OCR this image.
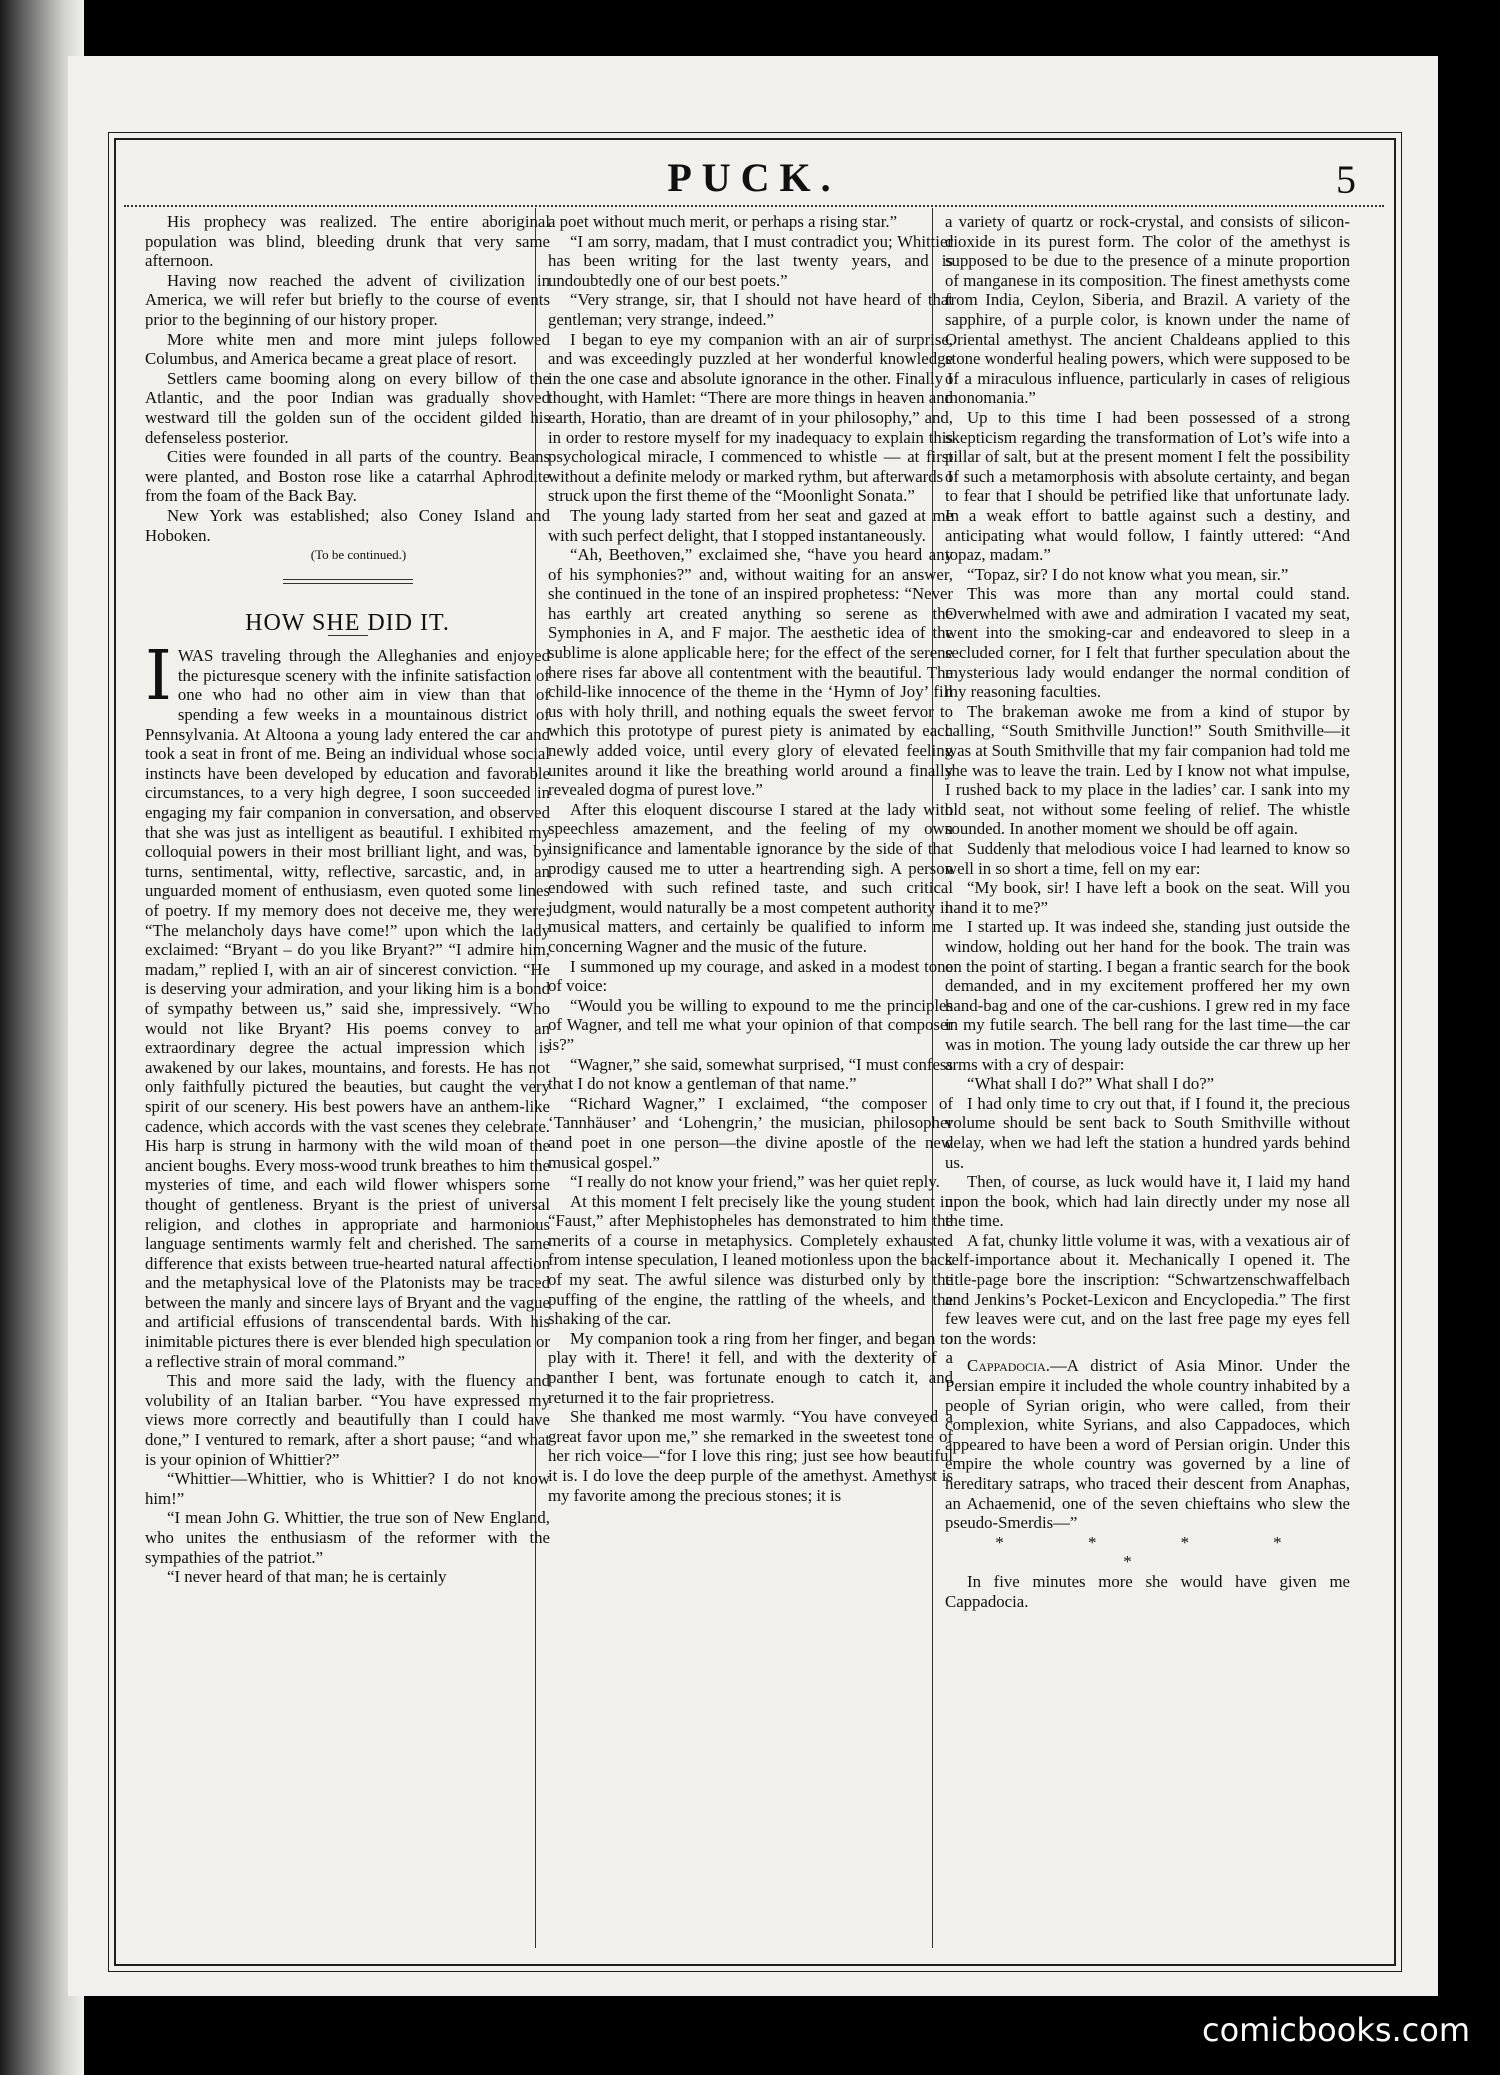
PUCK.	5

His prophecy was realized. The entire aboriginal population was blind, bleeding drunk that very same afternoon.

Having now reached the advent of civilization in America, we will refer but briefly to the course of events prior to the beginning of our history proper.

More white men and more mint juleps followed Columbus, and America became a great place of resort.

Settlers came booming along on every billow of the Atlantic, and the poor Indian was gradually shoved westward till the golden sun of the occident gilded his defenseless posterior.

Cities were founded in all parts of the country. Beans were planted, and Boston rose like a catarrhal Aphrodite from the foam of the Back Bay.

New York was established; also Coney Island and Hoboken.

(To be continued.)

HOW SHE DID IT.

IWAS traveling through the Alleghanies and enjoyed the picturesque scenery with the infinite satisfaction of one who had no other aim in view than that of spending a few weeks in a mountainous district of Pennsylvania. At Altoona a young lady entered the car and took a seat in front of me. Being an individual whose social instincts have been developed by education and favorable circumstances, to a very high degree, I soon succeeded in engaging my fair companion in conversation, and observed that she was just as intelligent as beautiful. I exhibited my colloquial powers in their most brilliant light, and was, by turns, sentimental, witty, reflective, sarcastic, and, in an unguarded moment of enthusiasm, even quoted some lines of poetry. If my memory does not deceive me, they were: “The melancholy days have come!” upon which the lady exclaimed: “Bryant – do you like Bryant?” “I admire him, madam,” replied I, with an air of sincerest conviction. “He is deserving your admiration, and your liking him is a bond of sympathy between us,” said she, impressively. “Who would not like Bryant? His poems convey to an extraordinary degree the actual impression which is awakened by our lakes, mountains, and forests. He has not only faithfully pictured the beauties, but caught the very spirit of our scenery. His best powers have an anthem-like cadence, which accords with the vast scenes they celebrate. His harp is strung in harmony with the wild moan of the ancient boughs. Every moss-wood trunk breathes to him the mysteries of time, and each wild flower whispers some thought of gentleness. Bryant is the priest of universal religion, and clothes in appropriate and harmonious language sentiments warmly felt and cherished. The same difference that exists between true-hearted natural affection and the metaphysical love of the Platonists may be traced between the manly and sincere lays of Bryant and the vague and artificial effusions of transcendental bards. With his inimitable pictures there is ever blended high speculation or a reflective strain of moral command.”

This and more said the lady, with the fluency and volubility of an Italian barber. “You have expressed my views more correctly and beautifully than I could have done,” I ventured to remark, after a short pause; “and what is your opinion of Whittier?”

“Whittier—Whittier, who is Whittier? I do not know him!”

“I mean John G. Whittier, the true son of New England, who unites the enthusiasm of the reformer with the sympathies of the patriot.”

“I never heard of that man; he is certainly

a poet without much merit, or perhaps a rising star.”

“I am sorry, madam, that I must contradict you; Whittier has been writing for the last twenty years, and is undoubtedly one of our best poets.”

“Very strange, sir, that I should not have heard of that gentleman; very strange, indeed.”

I began to eye my companion with an air of surprise, and was exceedingly puzzled at her wonderful knowledge in the one case and absolute ignorance in the other. Finally I thought, with Hamlet: “There are more things in heaven and earth, Horatio, than are dreamt of in your philosophy,” and, in order to restore myself for my inadequacy to explain this psychological miracle, I commenced to whistle — at first without a definite melody or marked rythm, but afterwards I struck upon the first theme of the “Moonlight Sonata.”

The young lady started from her seat and gazed at me with such perfect delight, that I stopped instantaneously.

“Ah, Beethoven,” exclaimed she, “have you heard any of his symphonies?” and, without waiting for an answer, she continued in the tone of an inspired prophetess: “Never has earthly art created anything so serene as the Symphonies in A, and F major. The aesthetic idea of the sublime is alone applicable here; for the effect of the serene here rises far above all contentment with the beautiful. The child-like innocence of the theme in the ‘Hymn of Joy’ fill us with holy thrill, and nothing equals the sweet fervor to which this prototype of purest piety is animated by each newly added voice, until every glory of elevated feeling unites around it like the breathing world around a finally revealed dogma of purest love.”

After this eloquent discourse I stared at the lady with speechless amazement, and the feeling of my own insignificance and lamentable ignorance by the side of that prodigy caused me to utter a heartrending sigh. A person endowed with such refined taste, and such critical judgment, would naturally be a most competent authority in musical matters, and certainly be qualified to inform me concerning Wagner and the music of the future.

I summoned up my courage, and asked in a modest tone of voice:

“Would you be willing to expound to me the principles of Wagner, and tell me what your opinion of that composer is?”

“Wagner,” she said, somewhat surprised, “I must confess that I do not know a gentleman of that name.”

“Richard Wagner,” I exclaimed, “the composer of ‘Tannhäuser’ and ‘Lohengrin,’ the musician, philosopher and poet in one person—the divine apostle of the new musical gospel.”

“I really do not know your friend,” was her quiet reply.

At this moment I felt precisely like the young student in “Faust,” after Mephistopheles has demonstrated to him the merits of a course in metaphysics. Completely exhausted from intense speculation, I leaned motionless upon the back of my seat. The awful silence was disturbed only by the puffing of the engine, the rattling of the wheels, and the shaking of the car.

My companion took a ring from her finger, and began to play with it. There! it fell, and with the dexterity of a panther I bent, was fortunate enough to catch it, and returned it to the fair proprietress.

She thanked me most warmly. “You have conveyed a great favor upon me,” she remarked in the sweetest tone of her rich voice—“for I love this ring; just see how beautiful it is. I do love the deep purple of the amethyst. Amethyst is my favorite among the precious stones; it is

a variety of quartz or rock-crystal, and consists of silicon-dioxide in its purest form. The color of the amethyst is supposed to be due to the presence of a minute proportion of manganese in its composition. The finest amethysts come from India, Ceylon, Siberia, and Brazil. A variety of the sapphire, of a purple color, is known under the name of Oriental amethyst. The ancient Chaldeans applied to this stone wonderful healing powers, which were supposed to be of a miraculous influence, particularly in cases of religious monomania.”

Up to this time I had been possessed of a strong skepticism regarding the transformation of Lot’s wife into a pillar of salt, but at the present moment I felt the possibility of such a metamorphosis with absolute certainty, and began to fear that I should be petrified like that unfortunate lady. In a weak effort to battle against such a destiny, and anticipating what would follow, I faintly uttered: “And topaz, madam.”

“Topaz, sir? I do not know what you mean, sir.”

This was more than any mortal could stand. Overwhelmed with awe and admiration I vacated my seat, went into the smoking-car and endeavored to sleep in a secluded corner, for I felt that further speculation about the mysterious lady would endanger the normal condition of my reasoning faculties.

The brakeman awoke me from a kind of stupor by calling, “South Smithville Junction!” South Smithville—it was at South Smithville that my fair companion had told me she was to leave the train. Led by I know not what impulse, I rushed back to my place in the ladies’ car. I sank into my old seat, not without some feeling of relief. The whistle sounded. In another moment we should be off again.

Suddenly that melodious voice I had learned to know so well in so short a time, fell on my ear:

“My book, sir! I have left a book on the seat. Will you hand it to me?”

I started up. It was indeed she, standing just outside the window, holding out her hand for the book. The train was on the point of starting. I began a frantic search for the book demanded, and in my excitement proffered her my own hand-bag and one of the car-cushions. I grew red in my face in my futile search. The bell rang for the last time—the car was in motion. The young lady outside the car threw up her arms with a cry of despair:

“What shall I do?” What shall I do?”

I had only time to cry out that, if I found it, the precious volume should be sent back to South Smithville without delay, when we had left the station a hundred yards behind us.

Then, of course, as luck would have it, I laid my hand upon the book, which had lain directly under my nose all the time.

A fat, chunky little volume it was, with a vexatious air of self-importance about it. Mechanically I opened it. The title-page bore the inscription: “Schwartzenschwaffelbach and Jenkins’s Pocket-Lexicon and Encyclopedia.” The first few leaves were cut, and on the last free page my eyes fell on the words:

Cappadocia.—A district of Asia Minor. Under the Persian empire it included the whole country inhabited by a people of Syrian origin, who were called, from their complexion, white Syrians, and also Cappadoces, which appeared to have been a word of Persian origin. Under this empire the whole country was governed by a line of hereditary satraps, who traced their descent from Anaphas, an Achaemenid, one of the seven chieftains who slew the pseudo-Smerdis—”

* * * * *

In five minutes more she would have given me Cappadocia.

comicbooks.com
